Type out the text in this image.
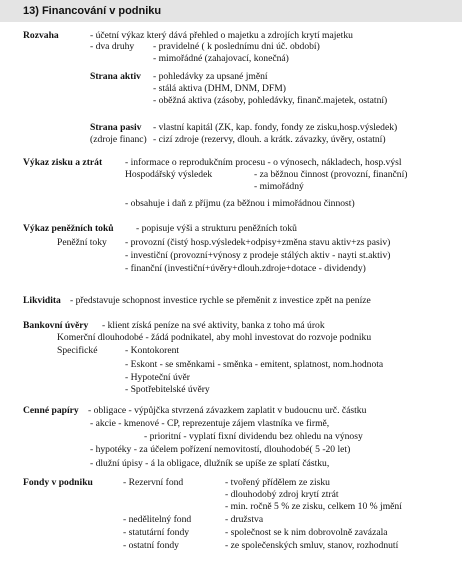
13) Financování v podniku
Rozvaha	- účetní výkaz který dává přehled o majetku a zdrojích krytí majetku
- dva druhy - pravidelné ( k poslednímu dni úč. období)
- mimořádné (zahajovací, konečná)
Strana aktiv - pohledávky za upsané jmění
- stálá aktiva (DHM, DNM, DFM)
- oběžná aktiva (zásoby, pohledávky, finanč.majetek, ostatní)
Strana pasiv - vlastní kapitál (ZK, kap. fondy, fondy ze zisku,hosp.výsledek)
(zdroje financ) - cizí zdroje (rezervy, dlouh. a krátk. závazky, úvěry, ostatní)
Výkaz zisku a ztrát - informace o reprodukčním procesu - o výnosech, nákladech, hosp.výsl
Hospodářský výsledek	- za běžnou činnost (provozní, finanční)
- mimořádný
- obsahuje i daň z příjmu (za běžnou i mimořádnou činnost)
Výkaz peněžních toků - popisuje výši a strukturu peněžních toků
Peněžní toky - provozní (čistý hosp.výsledek+odpisy+změna stavu aktiv+zs pasiv)
- investiční (provozní+výnosy z prodeje stálých aktiv - nayti st.aktiv)
- finanční (investiční+úvěry+dlouh.zdroje+dotace - dividendy)
Likvidita - představuje schopnost investice rychle se přeměnit z investice zpět na peníze
Bankovní úvěry - klient získá peníze na své aktivity, banka z toho má úrok
Komerční dlouhodobé - žádá podnikatel, aby mohl investovat do rozvoje podniku
Specifické	- Kontokorent
- Eskont - se směnkami - směnka - emitent, splatnost, nom.hodnota
- Hypoteční úvěr
- Spotřebitelské úvěry
Cenné papíry - obligace - výpůjčka stvrzená závazkem zaplatit v budoucnu urč. částku
- akcie - kmenové - CP, reprezentuje zájem vlastníka ve firmě,
- prioritní - vyplatí fixní dividendu bez ohledu na výnosy
- hypotéky - za účelem pořízení nemovitostí, dlouhodobé( 5 -20 let)
- dlužní úpisy - á la obligace, dlužník se upíše ze splatí částku,
Fondy v podniku	- Rezervní fond	- tvořený přídělem ze zisku
- dlouhodobý zdroj krytí ztrát
- min. ročně 5 % ze zisku, celkem 10 % jmění
- nedělitelný fond	- družstva
- statutární fondy	- společnost se k nim dobrovolně zavázala
- ostatní fondy	- ze společenských smluv, stanov, rozhodnutí
